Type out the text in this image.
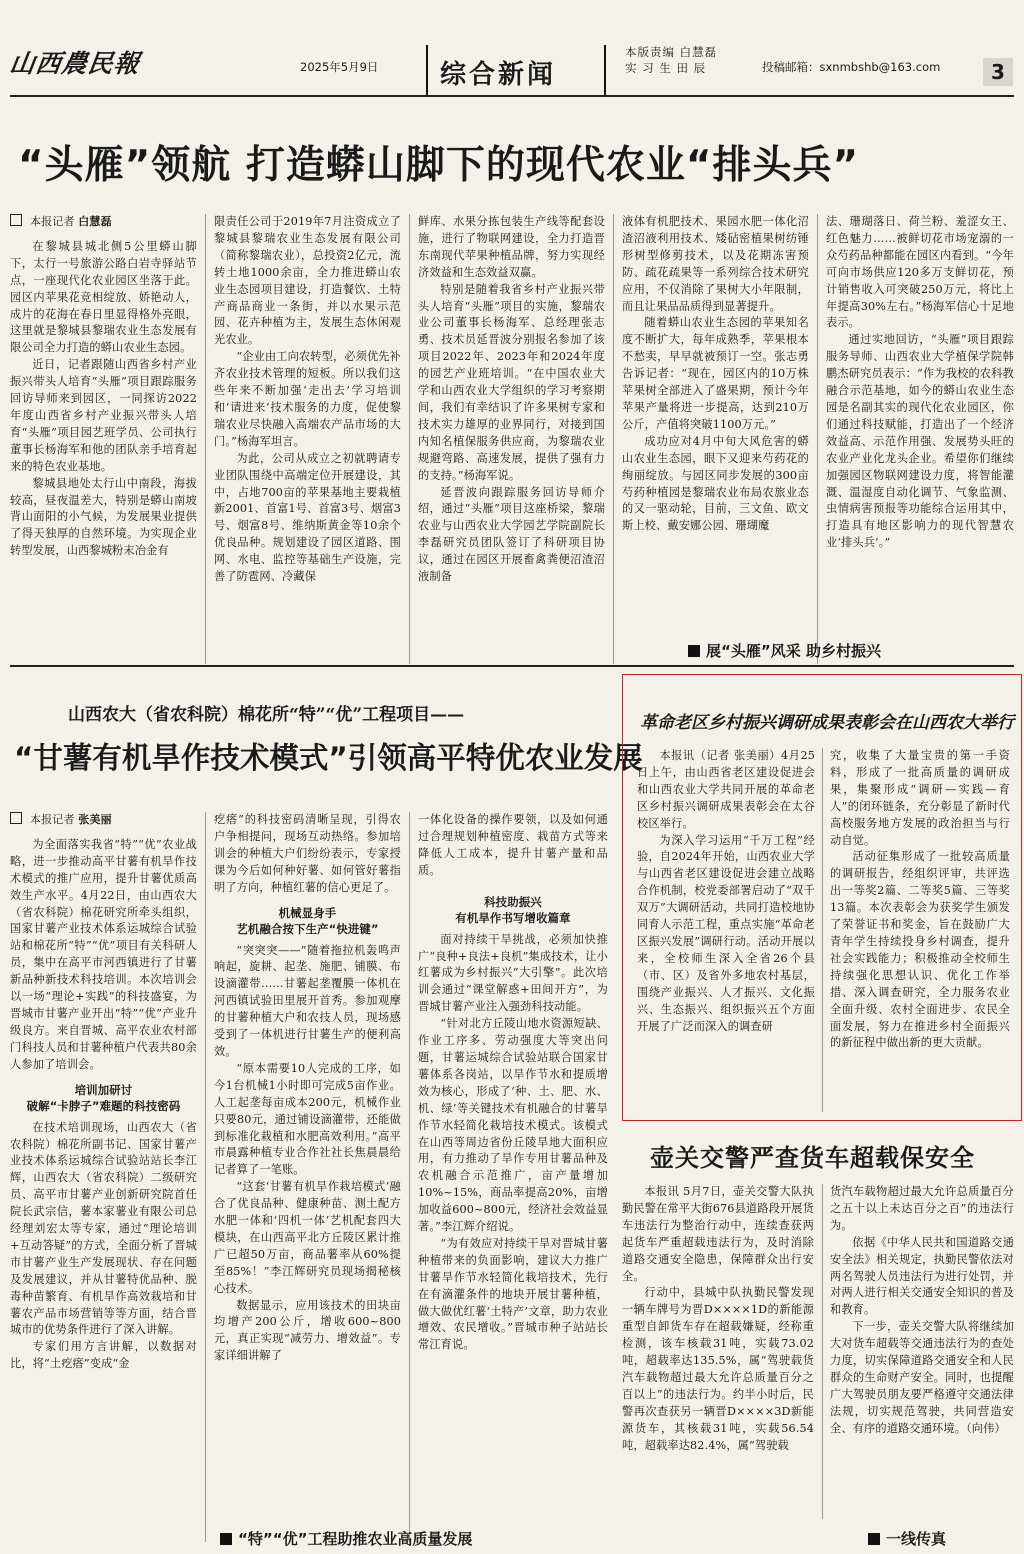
山西農民報	2025年5月9日 综合新闻
本版责编 白慧磊
实 习 生 田 辰	投稿邮箱：sxnmbshb@163.com	3
“头雁”领航 打造蟒山脚下的现代农业“排头兵”
本报记者 白慧磊

在黎城县城北侧5公里蟒山脚下，太行一号旅游公路白岩寺驿站节点，一座现代化农业园区坐落于此。园区内苹果花竞相绽放、娇艳动人，成片的花海在春日里显得格外亮眼，这里就是黎城县黎瑞农业生态发展有限公司全力打造的蟒山农业生态园。

近日，记者跟随山西省乡村产业振兴带头人培育“头雁”项目跟踪服务回访导师来到园区，一同探访2022年度山西省乡村产业振兴带头人培育“头雁”项目园艺班学员、公司执行董事长杨海军和他的团队亲手培育起来的特色农业基地。

黎城县地处太行山中南段，海拔较高，昼夜温差大，特别是蟒山南坡背山面阳的小气候，为发展果业提供了得天独厚的自然环境。为实现企业转型发展，山西黎城粉末冶金有

限责任公司于2019年7月注资成立了黎城县黎瑞农业生态发展有限公司（简称黎瑞农业），总投资2亿元，流转土地1000余亩，全力推进蟒山农业生态园项目建设，打造餐饮、土特产商品商业一条街，并以水果示范园、花卉种植为主，发展生态休闲观光农业。

“企业由工向农转型，必须优先补齐农业技术管理的短板。所以我们这些年来不断加强‘走出去’学习培训和‘请进来’技术服务的力度，促使黎瑞农业尽快融入高端农产品市场的大门。”杨海军坦言。

为此，公司从成立之初就聘请专业团队围绕中高端定位开展建设，其中，占地700亩的苹果基地主要栽植新2001、首富1号、首富3号、烟富3号、烟富8号、维纳斯黄金等10余个优良品种。规划建设了园区道路、围网、水电、监控等基础生产设施，完善了防雹网、冷藏保

鲜库、水果分拣包装生产线等配套设施，进行了物联网建设，全力打造晋东南现代苹果种植品牌，努力实现经济效益和生态效益双赢。

特别是随着我省乡村产业振兴带头人培育“头雁”项目的实施，黎瑞农业公司董事长杨海军、总经理张志勇、技术员延晋波分别报名参加了该项目2022年、2023年和2024年度的园艺产业班培训。“在中国农业大学和山西农业大学组织的学习考察期间，我们有幸结识了许多果树专家和技术实力雄厚的业界同行，对接到国内知名植保服务供应商，为黎瑞农业规避弯路、高速发展，提供了强有力的支持。”杨海军说。

延晋波向跟踪服务回访导师介绍，通过“头雁”项目这座桥梁，黎瑞农业与山西农业大学园艺学院副院长李磊研究员团队签订了科研项目协议，通过在园区开展畜禽粪便沼渣沼液制备

液体有机肥技术、果园水肥一体化沼渣沼液利用技术、矮砧密植果树纺锤形树型修剪技术，以及花期冻害预防、疏花疏果等一系列综合技术研究应用，不仅消除了果树大小年限制，而且让果品品质得到显著提升。

随着蟒山农业生态园的苹果知名度不断扩大，每年成熟季，苹果根本不愁卖，早早就被预订一空。张志勇告诉记者：“现在，园区内的10万株苹果树全部进入了盛果期，预计今年苹果产量将进一步提高，达到210万公斤，产值将突破1100万元。”

成功应对4月中旬大风危害的蟒山农业生态园，眼下又迎来芍药花的绚丽绽放。与园区同步发展的300亩芍药种植园是黎瑞农业布局农旅业态的又一驱动轮，目前，三文鱼、欧文斯上校、戴安娜公园、珊瑚魔

法、珊瑚落日、荷兰粉、羞涩女王、红色魅力……被鲜切花市场宠溺的一众芍药品种都能在园区内看到。“今年可向市场供应120多万支鲜切花，预计销售收入可突破250万元，将比上年提高30%左右。”杨海军信心十足地表示。

通过实地回访，“头雁”项目跟踪服务导师、山西农业大学植保学院韩鹏杰研究员表示：“作为我校的农科教融合示范基地，如今的蟒山农业生态园是名副其实的现代化农业园区，你们通过科技赋能，打造出了一个经济效益高、示范作用强、发展势头旺的农业产业化龙头企业。希望你们继续加强园区物联网建设力度，将智能灌溉、温湿度自动化调节、气象监测、虫情病害预报等功能综合运用其中，打造具有地区影响力的现代智慧农业‘排头兵’。”

展“头雁”风采 助乡村振兴
山西农大（省农科院）棉花所“特”“优”工程项目——
“甘薯有机旱作技术模式”引领高平特优农业发展
本报记者 张美丽

为全面落实我省“特”“优”农业战略，进一步推动高平甘薯有机旱作技术模式的推广应用，提升甘薯优质高效生产水平。4月22日，由山西农大（省农科院）棉花研究所牵头组织，国家甘薯产业技术体系运城综合试验站和棉花所“特”“优”项目有关科研人员，集中在高平市河西镇进行了甘薯新品种新技术科技培训。本次培训会以一场“理论+实践”的科技盛宴，为晋城市甘薯产业开出“特”“优”产业升级良方。来自晋城、高平农业农村部门科技人员和甘薯种植户代表共80余人参加了培训会。

培训加研讨
破解“卡脖子”难题的科技密码

在技术培训现场，山西农大（省农科院）棉花所副书记、国家甘薯产业技术体系运城综合试验站站长李江辉，山西农大（省农科院）二级研究员、高平市甘薯产业创新研究院首任院长武宗信，薯本家薯业有限公司总经理刘宏太等专家，通过“理论培训+互动答疑”的方式，全面分析了晋城市甘薯产业生产发展现状、存在问题及发展建议，并从甘薯特优品种、脱毒种苗繁育、有机旱作高效栽培和甘薯农产品市场营销等等方面，结合晋城市的优势条件进行了深入讲解。

专家们用方言讲解，以数据对比，将“土疙瘩”变成“金

疙瘩”的科技密码清晰呈现，引得农户争相提问，现场互动热络。参加培训会的种植大户们纷纷表示，专家授课为今后如何种好薯、如何管好薯指明了方向，种植红薯的信心更足了。

机械显身手
艺机融合按下生产“快进键”

“突突突——”随着拖拉机轰鸣声响起，旋耕、起垄、施肥、铺膜、布设滴灌带……甘薯起垄覆膜一体机在河西镇试验田里展开首秀。参加观摩的甘薯种植大户和农技人员，现场感受到了一体机进行甘薯生产的便利高效。

“原本需要10人完成的工序，如今1台机械1小时即可完成5亩作业。人工起垄每亩成本200元，机械作业只要80元，通过铺设滴灌带，还能做到标准化栽植和水肥高效利用。”高平市晨露种植专业合作社社长焦晨晨给记者算了一笔账。

“这套‘甘薯有机旱作栽培模式’融合了优良品种、健康种苗、测土配方水肥一体和‘四机一体’艺机配套四大模块，在山西高平北方丘陵区累计推广已超50万亩，商品薯率从60%提至85%！”李江辉研究员现场揭秘核心技术。

数据显示，应用该技术的田块亩均增产200公斤，增收600~800元，真正实现“减劳力、增效益”。专家详细讲解了

一体化设备的操作要领，以及如何通过合理规划种植密度、栽苗方式等来降低人工成本，提升甘薯产量和品质。

科技助振兴
有机旱作书写增收篇章

面对持续干旱挑战，必须加快推广“良种+良法+良机”集成技术，让小红薯成为乡村振兴“大引擎”。此次培训会通过“课堂解惑+田间开方”，为晋城甘薯产业注入强劲科技动能。

“针对北方丘陵山地水资源短缺、作业工序多、劳动强度大等突出问题，甘薯运城综合试验站联合国家甘薯体系各岗站，以旱作节水和提质增效为核心，形成了‘种、土、肥、水、机、绿’等关键技术有机融合的甘薯旱作节水轻简化栽培技术模式。该模式在山西等周边省份丘陵旱地大面积应用，有力推动了旱作专用甘薯品种及农机融合示范推广，亩产量增加10%~15%，商品率提高20%，亩增加收益600~800元，经济社会效益显著。”李江辉介绍说。

“为有效应对持续干旱对晋城甘薯种植带来的负面影响，建议大力推广甘薯旱作节水轻简化栽培技术，先行在有滴灌条件的地块开展甘薯种植，做大做优红薯‘土特产’文章，助力农业增效、农民增收。”晋城市种子站站长常江育说。

“特”“优”工程助推农业高质量发展
革命老区乡村振兴调研成果表彰会在山西农大举行

本报讯（记者 张美丽）4月25日上午，由山西省老区建设促进会和山西农业大学共同开展的革命老区乡村振兴调研成果表彰会在太谷校区举行。

为深入学习运用“千万工程”经验，自2024年开始，山西农业大学与山西省老区建设促进会建立战略合作机制，校党委部署启动了“双千双万”大调研活动，共同打造校地协同育人示范工程，重点实施“革命老区振兴发展”调研行动。活动开展以来，全校师生深入全省26个县（市、区）及省外多地农村基层，围绕产业振兴、人才振兴、文化振兴、生态振兴、组织振兴五个方面开展了广泛而深入的调查研

究，收集了大量宝贵的第一手资料，形成了一批高质量的调研成果，集聚形成“调研—实践—育人”的闭环链条，充分彰显了新时代高校服务地方发展的政治担当与行动自觉。

活动征集形成了一批较高质量的调研报告，经组织评审，共评选出一等奖2篇、二等奖5篇、三等奖13篇。本次表彰会为获奖学生颁发了荣誉证书和奖金，旨在鼓励广大青年学生持续投身乡村调查，提升社会实践能力；积极推动全校师生持续强化思想认识、优化工作举措、深入调查研究，全力服务农业全面升级、农村全面进步、农民全面发展，努力在推进乡村全面振兴的新征程中做出新的更大贡献。

壶关交警严查货车超载保安全

本报讯 5月7日，壶关交警大队执勤民警在常平大街676县道路段开展货车违法行为整治行动中，连续查获两起货车严重超载违法行为，及时消除道路交通安全隐患，保障群众出行安全。

行动中，县城中队执勤民警发现一辆车牌号为晋D××××1D的新能源重型自卸货车存在超载嫌疑，经称重检测，该车核载31吨，实载73.02吨，超载率达135.5%，属“驾驶载货汽车载物超过最大允许总质量百分之百以上”的违法行为。约半小时后，民警再次查获另一辆晋D××××3D新能源货车，其核载31吨，实载56.54吨，超载率达82.4%，属“驾驶载

货汽车载物超过最大允许总质量百分之五十以上未达百分之百”的违法行为。

依据《中华人民共和国道路交通安全法》相关规定，执勤民警依法对两名驾驶人员违法行为进行处罚，并对两人进行相关交通安全知识的普及和教育。

下一步，壶关交警大队将继续加大对货车超载等交通违法行为的查处力度，切实保障道路交通安全和人民群众的生命财产安全。同时，也提醒广大驾驶员朋友要严格遵守交通法律法规，切实规范驾驶，共同营造安全、有序的道路交通环境。（向伟）

一线传真
